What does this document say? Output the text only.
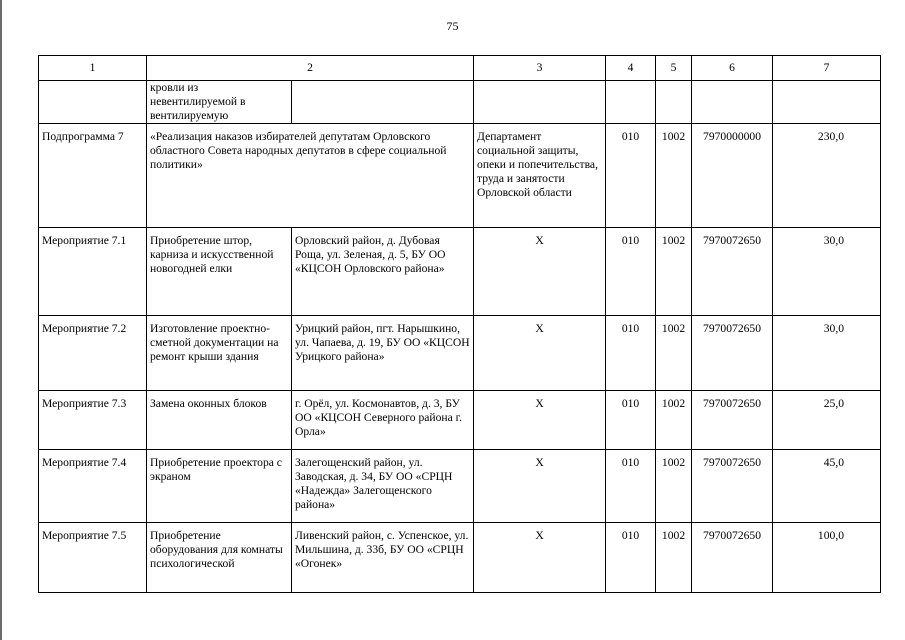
75
1	2		3	4	5	6	7
	кровли из невентилируемой в вентилируемую						
Подпрограмма 7	«Реализация наказов избирателей депутатам Орловского областного Совета народных депутатов в сфере социальной политики»		Департамент социальной защиты, опеки и попечительства, труда и занятости Орловской области	010	1002	7970000000	230,0
Мероприятие 7.1	Приобретение штор, карниза и искусственной новогодней елки	Орловский район, д. Дубовая Роща, ул. Зеленая, д. 5, БУ ОО «КЦСОН Орловского района»	Х	010	1002	7970072650	30,0
Мероприятие 7.2	Изготовление проектно-сметной документации на ремонт крыши здания	Урицкий район, пгт. Нарышкино, ул. Чапаева, д. 19, БУ ОО «КЦСОН Урицкого района»	Х	010	1002	7970072650	30,0
Мероприятие 7.3	Замена оконных блоков	г. Орёл, ул. Космонавтов, д. 3, БУ ОО «КЦСОН Северного района г. Орла»	Х	010	1002	7970072650	25,0
Мероприятие 7.4	Приобретение проектора с экраном	Залегощенский район, ул. Заводская, д. 34, БУ ОО «СРЦН «Надежда» Залегощенского района»	Х	010	1002	7970072650	45,0
Мероприятие 7.5	Приобретение оборудования для комнаты психологической	Ливенский район, с. Успенское, ул. Мильшина, д. 33б, БУ ОО «СРЦН «Огонек»	Х	010	1002	7970072650	100,0
